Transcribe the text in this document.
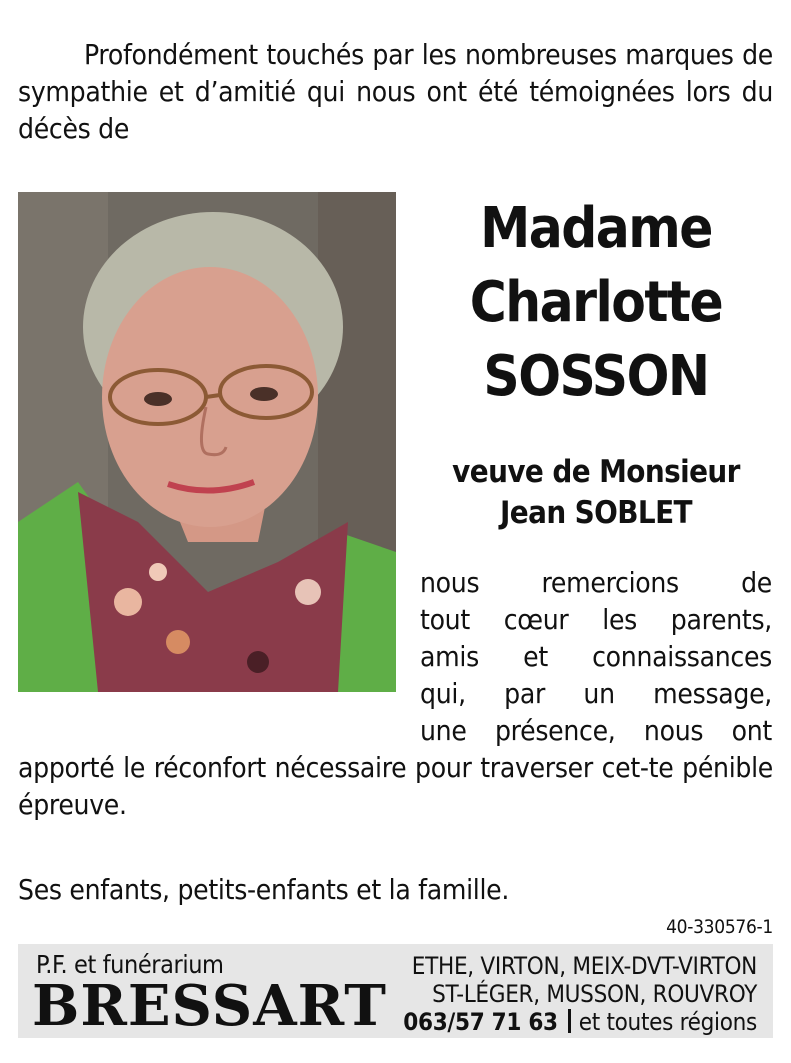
Profondément touchés par les nombreuses marques de sympathie et d’amitié qui nous ont été témoignées lors du décès de

Madame
Charlotte
SOSSON
veuve de Monsieur
Jean SOBLET
nous remercions de
tout cœur les parents,
amis et connaissances
qui, par un message,
une présence, nous ont

apporté le réconfort nécessaire pour traverser cet-te pénible épreuve.

Ses enfants, petits-enfants et la famille.

40-330576-1
P.F. et funérarium
BRESSART
ETHE, VIRTON, MEIX-DVT-VIRTON
ST-LÉGER, MUSSON, ROUVROY
063/57 71 63 et toutes régions
